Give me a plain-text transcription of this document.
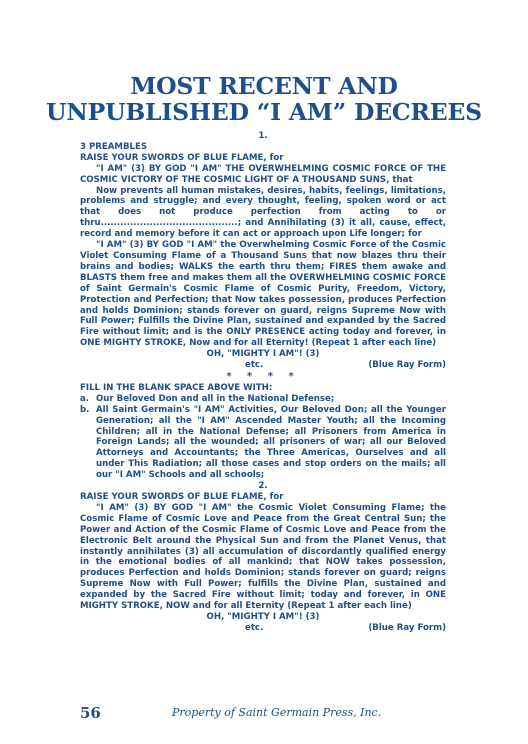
MOST RECENT AND
UNPUBLISHED “I AM” DECREES

1.

3 PREAMBLES

RAISE YOUR SWORDS OF BLUE FLAME, for

"I AM" (3) BY GOD "I AM" THE OVERWHELMING COSMIC FORCE OF THE COSMIC VICTORY OF THE COSMIC LIGHT OF A THOUSAND SUNS, that

Now prevents all human mistakes, desires, habits, feelings, limitations, problems and struggle; and every thought, feeling, spoken word or act that does not produce perfection from acting to or thru..........................................; and Annihilating (3) it all, cause, effect, record and memory before it can act or approach upon Life longer; for

"I AM" (3) BY GOD "I AM" the Overwhelming Cosmic Force of the Cosmic Violet Consuming Flame of a Thousand Suns that now blazes thru their brains and bodies; WALKS the earth thru them; FIRES them awake and BLASTS them free and makes them all the OVERWHELMING COSMIC FORCE of Saint Germain's Cosmic Flame of Cosmic Purity, Freedom, Victory, Protection and Perfection; that Now takes possession, produces Perfection and holds Dominion; stands forever on guard, reigns Supreme Now with Full Power; Fulfills the Divine Plan, sustained and expanded by the Sacred Fire without limit; and is the ONLY PRESENCE acting today and forever, in ONE MIGHTY STROKE, Now and for all Eternity! (Repeat 1 after each line)

OH, "MIGHTY I AM"! (3)

etc.	(Blue Ray Form)
* * * *

FILL IN THE BLANK SPACE ABOVE WITH:

a. Our Beloved Don and all in the National Defense;
b. All Saint Germain's "I AM" Activities, Our Beloved Don; all the Younger Generation; all the "I AM" Ascended Master Youth; all the Incoming Children; all in the National Defense; all Prisoners from America in Foreign Lands; all the wounded; all prisoners of war; all our Beloved Attorneys and Accountants; the Three Americas, Ourselves and all under This Radiation; all those cases and stop orders on the mails; all our "I AM" Schools and all schools;

2.

RAISE YOUR SWORDS OF BLUE FLAME, for

"I AM" (3) BY GOD "I AM" the Cosmic Violet Consuming Flame; the Cosmic Flame of Cosmic Love and Peace from the Great Central Sun; the Power and Action of the Cosmic Flame of Cosmic Love and Peace from the Electronic Belt around the Physical Sun and from the Planet Venus, that instantly annihilates (3) all accumulation of discordantly qualified energy in the emotional bodies of all mankind; that NOW takes possession, produces Perfection and holds Dominion; stands forever on guard; reigns Supreme Now with Full Power; fulfills the Divine Plan, sustained and expanded by the Sacred Fire without limit; today and forever, in ONE MIGHTY STROKE, NOW and for all Eternity (Repeat 1 after each line)

OH, "MIGHTY I AM"! (3)

etc.	(Blue Ray Form)
56	Property of Saint Germain Press, Inc.
